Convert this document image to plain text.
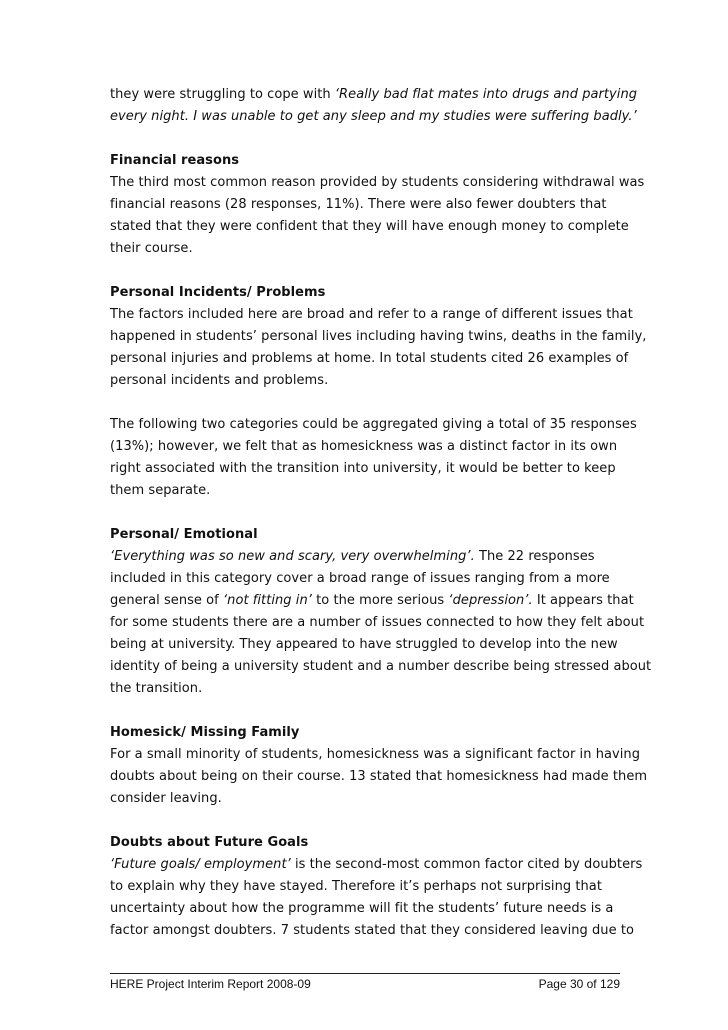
they were struggling to cope with ‘Really bad flat mates into drugs and partying
every night. I was unable to get any sleep and my studies were suffering badly.’
Financial reasons
The third most common reason provided by students considering withdrawal was
financial reasons (28 responses, 11%). There were also fewer doubters that
stated that they were confident that they will have enough money to complete
their course.
Personal Incidents/ Problems
The factors included here are broad and refer to a range of different issues that
happened in students’ personal lives including having twins, deaths in the family,
personal injuries and problems at home. In total students cited 26 examples of
personal incidents and problems.
The following two categories could be aggregated giving a total of 35 responses
(13%); however, we felt that as homesickness was a distinct factor in its own
right associated with the transition into university, it would be better to keep
them separate.
Personal/ Emotional
‘Everything was so new and scary, very overwhelming’. The 22 responses
included in this category cover a broad range of issues ranging from a more
general sense of ‘not fitting in’ to the more serious ‘depression’. It appears that
for some students there are a number of issues connected to how they felt about
being at university. They appeared to have struggled to develop into the new
identity of being a university student and a number describe being stressed about
the transition.
Homesick/ Missing Family
For a small minority of students, homesickness was a significant factor in having
doubts about being on their course. 13 stated that homesickness had made them
consider leaving.
Doubts about Future Goals
‘Future goals/ employment’ is the second-most common factor cited by doubters
to explain why they have stayed. Therefore it’s perhaps not surprising that
uncertainty about how the programme will fit the students’ future needs is a
factor amongst doubters. 7 students stated that they considered leaving due to
HERE Project Interim Report 2008-09	Page 30 of 129
